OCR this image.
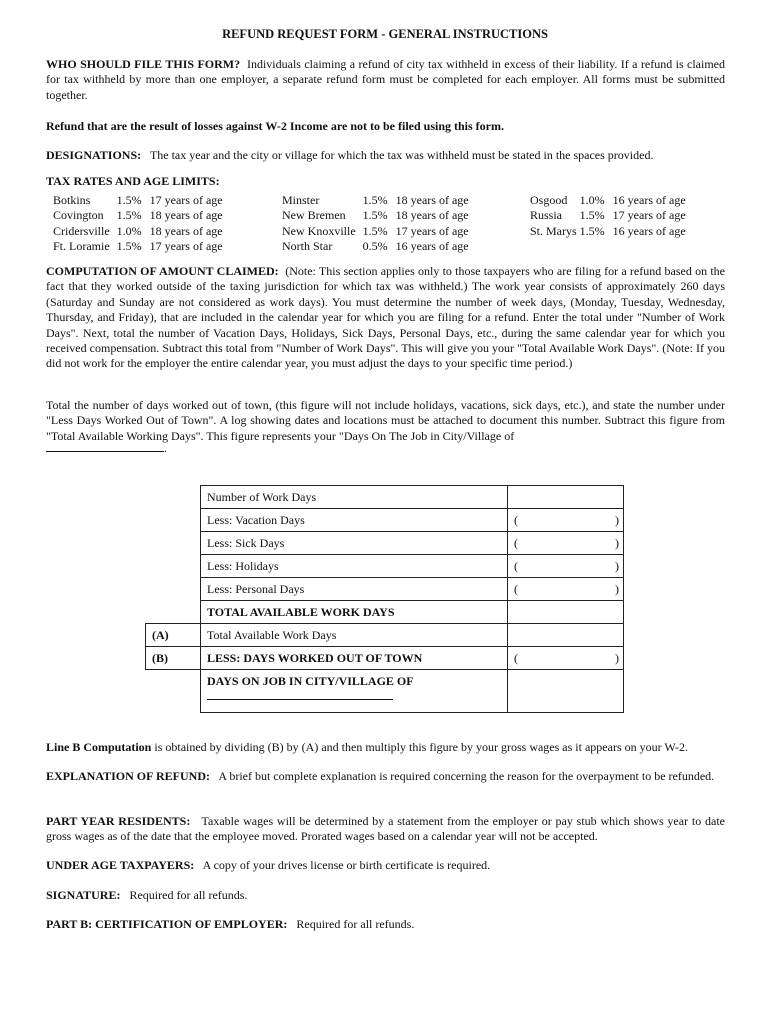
REFUND REQUEST FORM - GENERAL INSTRUCTIONS
WHO SHOULD FILE THIS FORM? Individuals claiming a refund of city tax withheld in excess of their liability. If a refund is claimed for tax withheld by more than one employer, a separate refund form must be completed for each employer. All forms must be submitted together.
Refund that are the result of losses against W-2 Income are not to be filed using this form.
DESIGNATIONS: The tax year and the city or village for which the tax was withheld must be stated in the spaces provided.
TAX RATES AND AGE LIMITS:
Botkins	1.5%	17 years of age
Covington	1.5%	18 years of age
Cridersville	1.0%	18 years of age
Ft. Loramie	1.5%	17 years of age
Minster	1.5%	18 years of age
New Bremen	1.5%	18 years of age
New Knoxville	1.5%	17 years of age
North Star	0.5%	16 years of age
Osgood	1.0%	16 years of age
Russia	1.5%	17 years of age
St. Marys	1.5%	16 years of age
COMPUTATION OF AMOUNT CLAIMED: (Note: This section applies only to those taxpayers who are filing for a refund based on the fact that they worked outside of the taxing jurisdiction for which tax was withheld.) The work year consists of approximately 260 days (Saturday and Sunday are not considered as work days). You must determine the number of week days, (Monday, Tuesday, Wednesday, Thursday, and Friday), that are included in the calendar year for which you are filing for a refund. Enter the total under "Number of Work Days". Next, total the number of Vacation Days, Holidays, Sick Days, Personal Days, etc., during the same calendar year for which you received compensation. Subtract this total from "Number of Work Days". This will give you your "Total Available Work Days". (Note: If you did not work for the employer the entire calendar year, you must adjust the days to your specific time period.)
Total the number of days worked out of town, (this figure will not include holidays, vacations, sick days, etc.), and state the number under "Less Days Worked Out of Town". A log showing dates and locations must be attached to document this number. Subtract this figure from "Total Available Working Days". This figure represents your "Days On The Job in City/Village of
.
	Number of Work Days	
	Less: Vacation Days	( )

	Less: Sick Days	( )

	Less: Holidays	( )

	Less: Personal Days	( )

	TOTAL AVAILABLE WORK DAYS	
(A)	Total Available Work Days	
(B)	LESS: DAYS WORKED OUT OF TOWN	( )

	DAYS ON JOB IN CITY/VILLAGE OF

Line B Computation is obtained by dividing (B) by (A) and then multiply this figure by your gross wages as it appears on your W-2.
EXPLANATION OF REFUND: A brief but complete explanation is required concerning the reason for the overpayment to be refunded.
PART YEAR RESIDENTS: Taxable wages will be determined by a statement from the employer or pay stub which shows year to date gross wages as of the date that the employee moved. Prorated wages based on a calendar year will not be accepted.
UNDER AGE TAXPAYERS: A copy of your drives license or birth certificate is required.
SIGNATURE: Required for all refunds.
PART B: CERTIFICATION OF EMPLOYER: Required for all refunds.
